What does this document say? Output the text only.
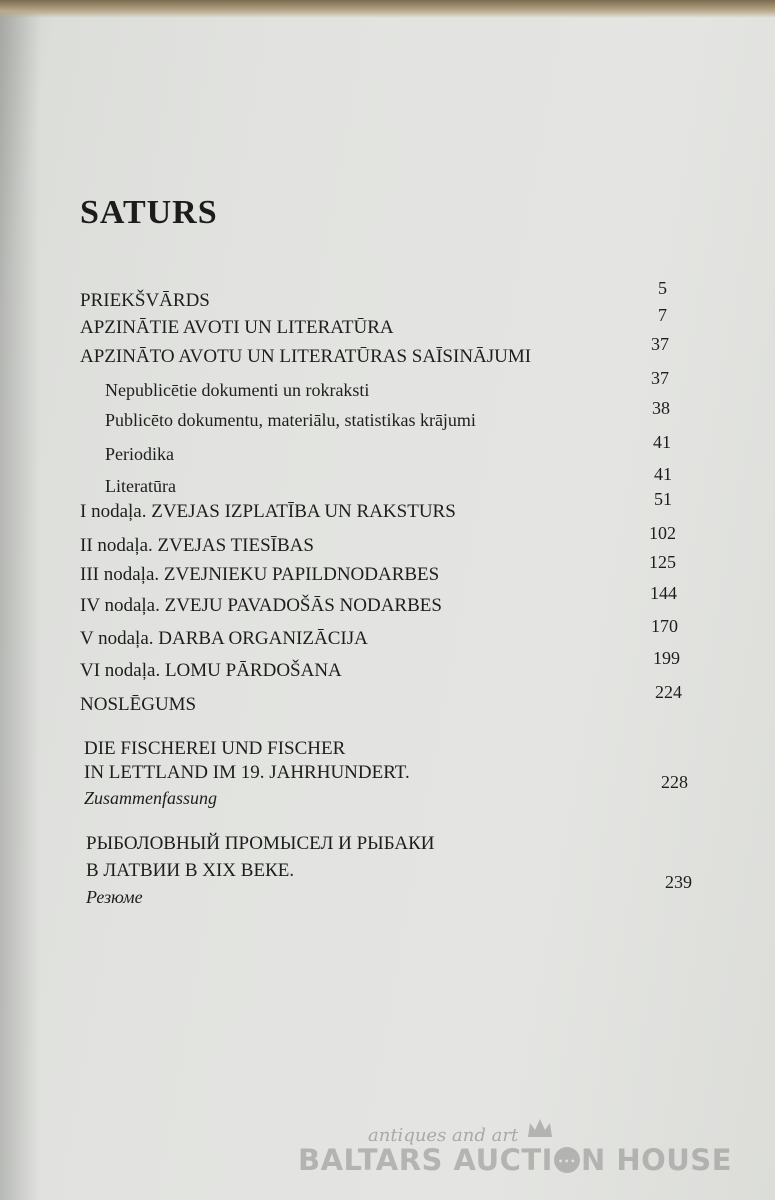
SATURS
PRIEKŠVĀRDS
5
APZINĀTIE AVOTI UN LITERATŪRA
7
APZINĀTO AVOTU UN LITERATŪRAS SAĪSINĀJUMI
37
Nepublicētie dokumenti un rokraksti
37
Publicēto dokumentu, materiālu, statistikas krājumi
38
Periodika
41
Literatūra
41
I nodaļa. ZVEJAS IZPLATĪBA UN RAKSTURS
51
II nodaļa. ZVEJAS TIESĪBAS
102
III nodaļa. ZVEJNIEKU PAPILDNODARBES
125
IV nodaļa. ZVEJU PAVADOŠĀS NODARBES
144
V nodaļa. DARBA ORGANIZĀCIJA
170
VI nodaļa. LOMU PĀRDOŠANA
199
NOSLĒGUMS
224
DIE FISCHEREI UND FISCHER
IN LETTLAND IM 19. JAHRHUNDERT.
Zusammenfassung
228
РЫБОЛОВНЫЙ ПРОМЫСЕЛ И РЫБАКИ
В ЛАТВИИ В XIX ВЕКЕ.
Резюме
239
antiques and art
BALTARS AUCTI ••• N HOUSE
